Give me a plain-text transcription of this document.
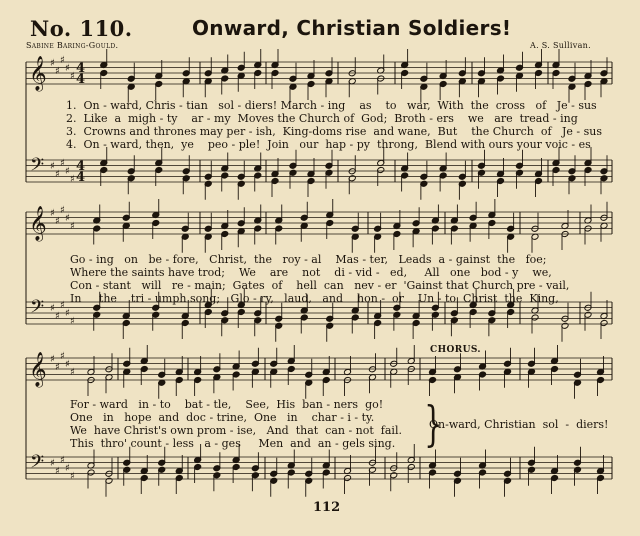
No. 110.	Onward, Christian Soldiers!
Sabine Baring-Gould.	A. S. Sullivan.
𝄞
𝄢
♯
♯
♯
♯
♯
♯
♯
♯
♯
♯
4
4
4
4
𝄞
𝄢
♯
♯
♯
♯
♯
♯
♯
♯
♯
♯
𝄞
𝄢
♯
♯
♯
♯
♯
♯
♯
♯
♯
♯
1.  On - ward, Chris - tian   sol - diers! March - ing    as    to   war,  With  the  cross   of   Je - sus
2.  Like  a  migh - ty    ar - my  Moves the Church of  God;  Broth - ers    we   are  tread - ing
3.  Crowns and thrones may per - ish,  King-doms rise  and wane,  But    the Church  of   Je - sus
4.  On - ward, then,  ye    peo - ple!  Join   our  hap - py  throng,  Blend with ours your voic - es
Go - ing   on   be - fore,   Christ,  the   roy - al    Mas - ter,   Leads  a - gainst  the   foe;
Where the saints have trod;    We    are    not    di - vid -   ed,     All   one   bod - y    we,
Con - stant   will   re - main;  Gates  of    hell  can   nev - er  'Gainst that Church pre - vail,
In     the    tri - umph song;   Glo - ry,   laud,   and    hon -  or    Un - to  Christ  the  King,
CHORUS.
For - ward   in - to    bat - tle,    See,  His  ban - ners  go!
One   in   hope  and  doc - trine,  One   in    char - i - ty.
We  have Christ's own prom - ise,   And  that  can - not  fail.
This  thro' count - less   a - ges     Men  and  an - gels sing. }
On-ward, Christian  sol  -  diers!
112
